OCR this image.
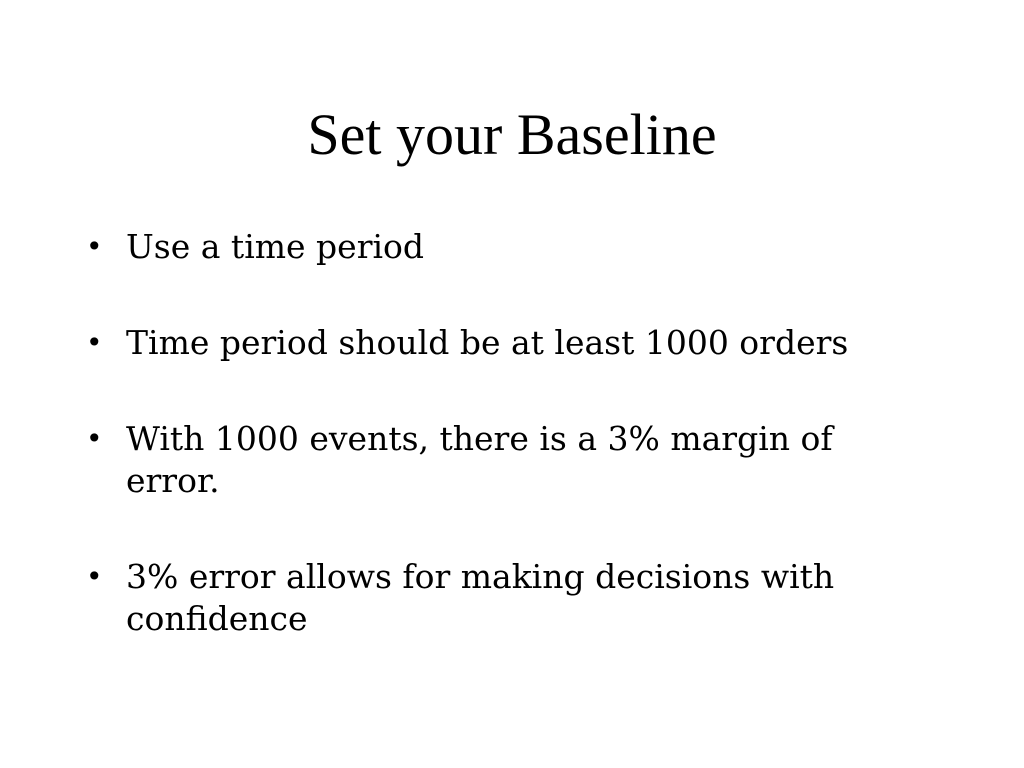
Set your Baseline
• Use a time period
• Time period should be at least 1000 orders
• With 1000 events, there is a 3% margin of error.
• 3% error allows for making decisions with confidence
